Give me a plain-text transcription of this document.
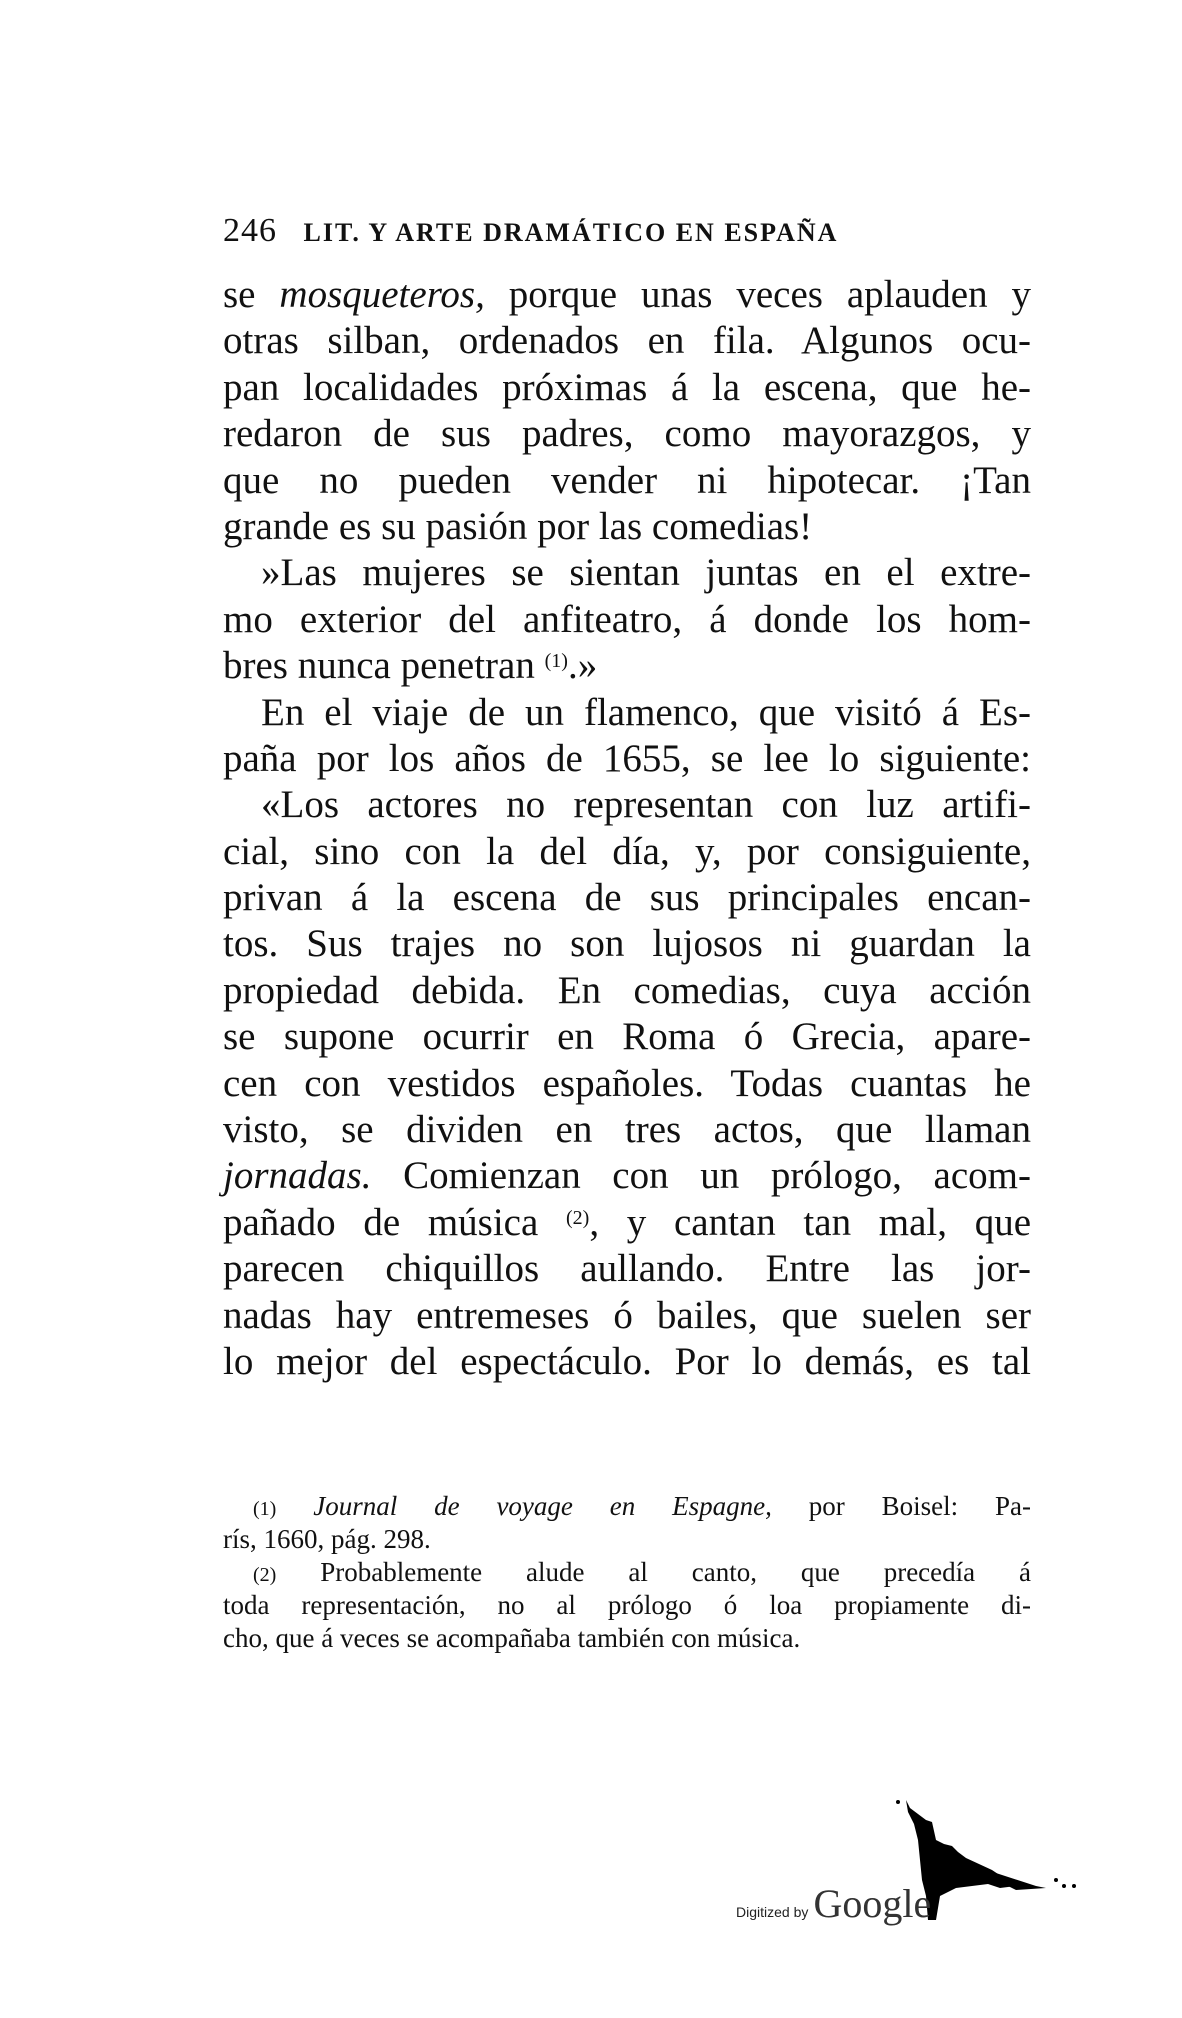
246 LIT. Y ARTE DRAMÁTICO EN ESPAÑA
se mosqueteros, porque unas veces aplauden y
otras silban, ordenados en fila. Algunos ocu-
pan localidades próximas á la escena, que he-
redaron de sus padres, como mayorazgos, y
que no pueden vender ni hipotecar. ¡Tan
grande es su pasión por las comedias!
»Las mujeres se sientan juntas en el extre-
mo exterior del anfiteatro, á donde los hom-
bres nunca penetran $^{(1)}$.»
En el viaje de un flamenco, que visitó á Es-
paña por los años de 1655, se lee lo siguiente:
«Los actores no representan con luz artifi-
cial, sino con la del día, y, por consiguiente,
privan á la escena de sus principales encan-
tos. Sus trajes no son lujosos ni guardan la
propiedad debida. En comedias, cuya acción
se supone ocurrir en Roma ó Grecia, apare-
cen con vestidos españoles. Todas cuantas he
visto, se dividen en tres actos, que llaman
jornadas. Comienzan con un prólogo, acom-
pañado de música $^{(2)}$, y cantan tan mal, que
parecen chiquillos aullando. Entre las jor-
nadas hay entremeses ó bailes, que suelen ser
lo mejor del espectáculo. Por lo demás, es tal
(1) Journal de voyage en Espagne, por Boisel: Pa-
rís, 1660, pág. 298.
(2) Probablemente alude al canto, que precedía á
toda representación, no al prólogo ó loa propiamente di-
cho, que á veces se acompañaba también con música.
Digitized by Google
